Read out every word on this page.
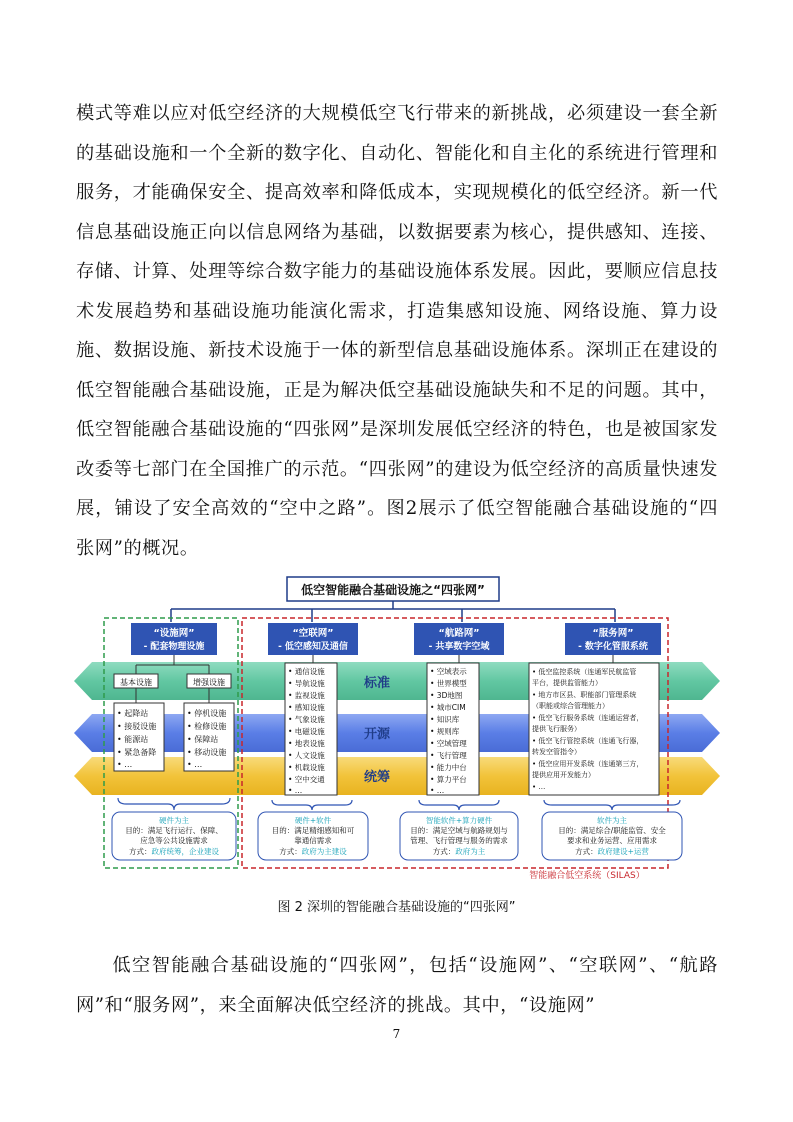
模式等难以应对低空经济的大规模低空飞行带来的新挑战，必须建设一套全新的基础设施和一个全新的数字化、自动化、智能化和自主化的系统进行管理和服务，才能确保安全、提高效率和降低成本，实现规模化的低空经济。新一代信息基础设施正向以信息网络为基础，以数据要素为核心，提供感知、连接、存储、计算、处理等综合数字能力的基础设施体系发展。因此，要顺应信息技术发展趋势和基础设施功能演化需求，打造集感知设施、网络设施、算力设施、数据设施、新技术设施于一体的新型信息基础设施体系。深圳正在建设的低空智能融合基础设施，正是为解决低空基础设施缺失和不足的问题。其中，低空智能融合基础设施的“四张网”是深圳发展低空经济的特色，也是被国家发改委等七部门在全国推广的示范。“四张网”的建设为低空经济的高质量快速发展，铺设了安全高效的“空中之路”。图2展示了低空智能融合基础设施的“四张网”的概况。

标准
开源
统筹
低空智能融合基础设施之“四张网”
智能融合低空系统（SILAS）
“设施网”
- 配套物理设施
“空联网”
- 低空感知及通信
“航路网”
- 共享数字空域
“服务网”
- 数字化管服系统
基本设施	增强设施
• 起降站
• 接驳设施
• 能源站
• 紧急备降
• …
• 停机设施
• 检修设施
• 保障站
• 移动设施
• …
• 通信设施
• 导航设施
• 监视设施
• 感知设施
• 气象设施
• 电磁设施
• 地表设施
• 人文设施
• 机载设施
• 空中交通
• …
• 空域表示
• 世界模型
• 3D地图
• 城市CIM
• 知识库
• 规则库
• 空域管理
• 飞行管理
• 能力中台
• 算力平台
• …
• 低空监控系统（连通军民航监管
平台，提供监管能力）
• 地方市区县、职能部门管理系统
（职能或综合管理能力）
• 低空飞行服务系统（连通运营者，
提供飞行服务）
• 低空飞行管控系统（连通飞行器，
转发空管指令）
• 低空应用开发系统（连通第三方，
提供应用开发能力）
• …
硬件为主
目的：满足飞行运行、保障、
应急等公共设施需求
方式：政府统筹，企业建设
硬件+软件
目的：满足精细感知和可
靠通信需求
方式：政府为主建设
智能软件+算力硬件
目的：满足空域与航路规划与
管理、飞行管理与服务的需求
方式：政府为主
软件为主
目的：满足综合/职能监管、安全
要求和业务运营、应用需求
方式：政府建设+运营
图 2 深圳的智能融合基础设施的“四张网”

低空智能融合基础设施的“四张网”，包括“设施网”、“空联网”、“航路网”和“服务网”，来全面解决低空经济的挑战。其中，“设施网”

7
